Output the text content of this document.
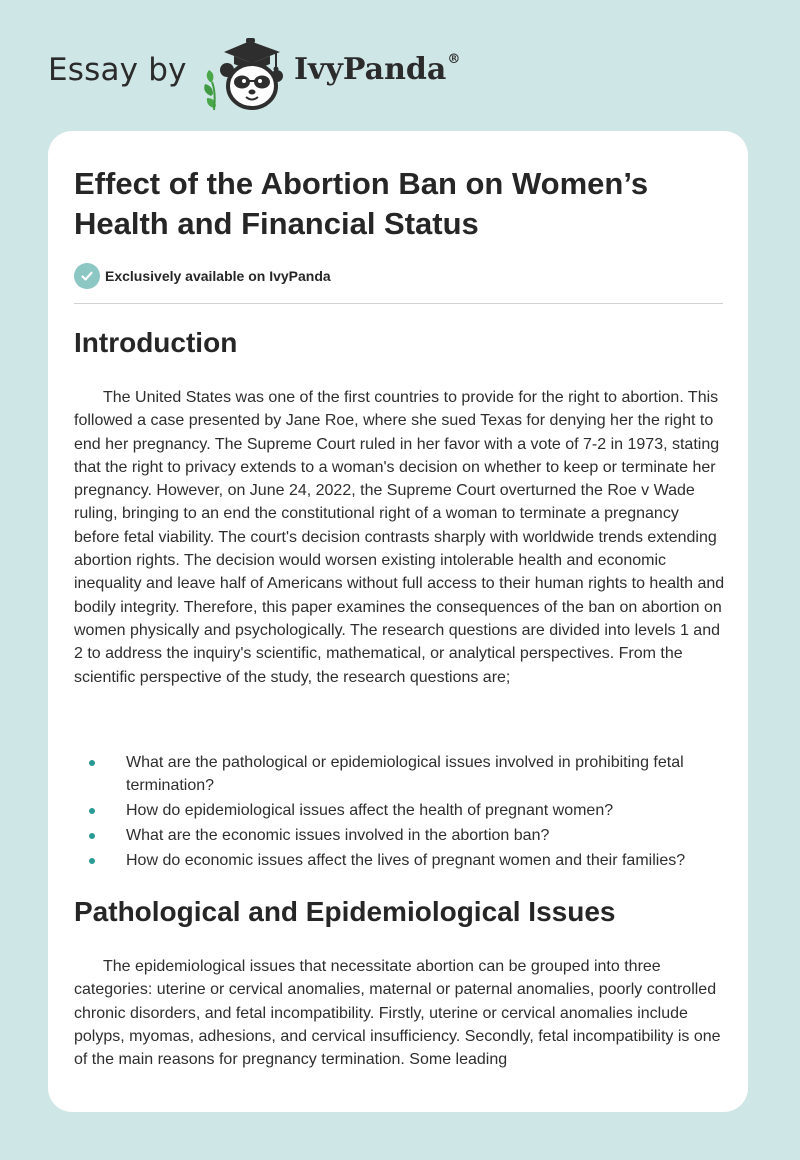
Essay by	IvyPanda®
Effect of the Abortion Ban on Women’s Health and Financial Status
Exclusively available on IvyPanda
Introduction

The United States was one of the first countries to provide for the right to abortion. This followed a case presented by Jane Roe, where she sued Texas for denying her the right to end her pregnancy. The Supreme Court ruled in her favor with a vote of 7-2 in 1973, stating that the right to privacy extends to a woman's decision on whether to keep or terminate her pregnancy. However, on June 24, 2022, the Supreme Court overturned the Roe v Wade ruling, bringing to an end the constitutional right of a woman to terminate a pregnancy before fetal viability. The court's decision contrasts sharply with worldwide trends extending abortion rights. The decision would worsen existing intolerable health and economic inequality and leave half of Americans without full access to their human rights to health and bodily integrity. Therefore, this paper examines the consequences of the ban on abortion on women physically and psychologically. The research questions are divided into levels 1 and 2 to address the inquiry's scientific, mathematical, or analytical perspectives. From the scientific perspective of the study, the research questions are;

What are the pathological or epidemiological issues involved in prohibiting fetal termination?
How do epidemiological issues affect the health of pregnant women?
What are the economic issues involved in the abortion ban?
How do economic issues affect the lives of pregnant women and their families?
Pathological and Epidemiological Issues

The epidemiological issues that necessitate abortion can be grouped into three categories: uterine or cervical anomalies, maternal or paternal anomalies, poorly controlled chronic disorders, and fetal incompatibility. Firstly, uterine or cervical anomalies include polyps, myomas, adhesions, and cervical insufficiency. Secondly, fetal incompatibility is one of the main reasons for pregnancy termination. Some leading
